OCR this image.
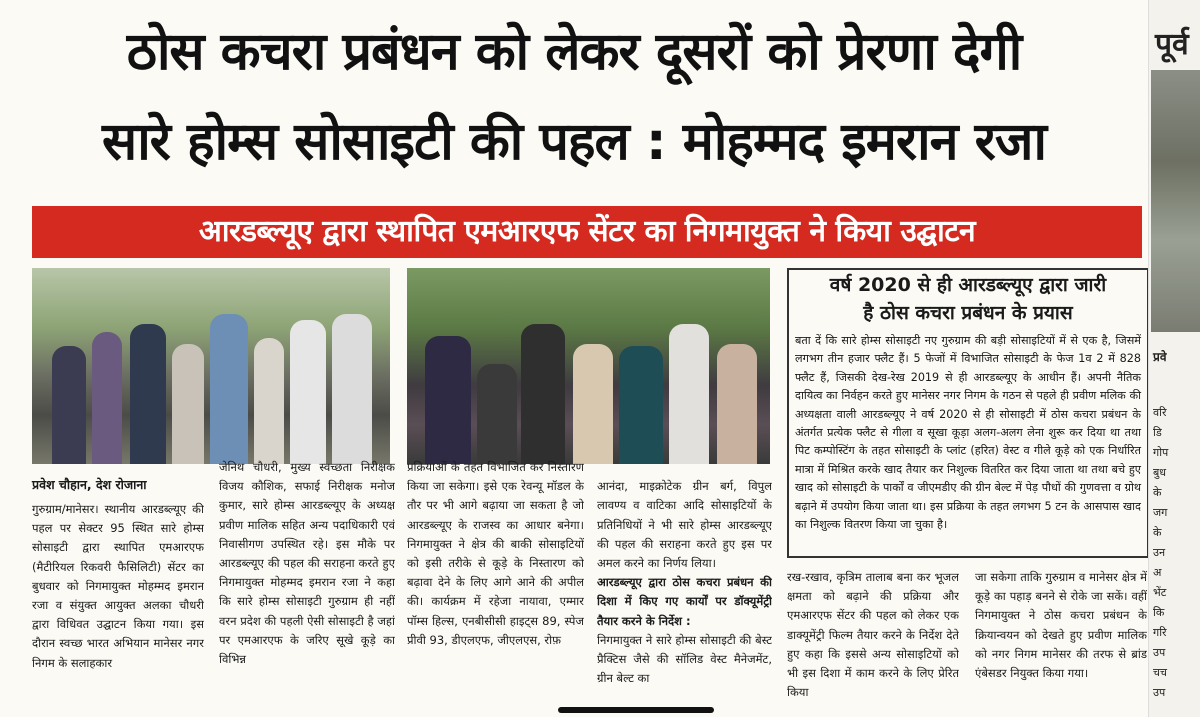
ठोस कचरा प्रबंधन को लेकर दूसरों को प्रेरणा देगी
सारे होम्स सोसाइटी की पहल : मोहम्मद इमरान रजा
आरडब्ल्यूए द्वारा स्थापित एमआरएफ सेंटर का निगमायुक्त ने किया उद्घाटन
वर्ष 2020 से ही आरडब्ल्यूए द्वारा जारी
है ठोस कचरा प्रबंधन के प्रयास
बता दें कि सारे होम्स सोसाइटी नए गुरुग्राम की बड़ी सोसाइटियों में से एक है, जिसमें लगभग तीन हजार फ्लैट हैं। 5 फेजों में विभाजित सोसाइटी के फेज 1व 2 में 828 फ्लैट हैं, जिसकी देख-रेख 2019 से ही आरडब्ल्यूए के आधीन हैं। अपनी नैतिक दायित्व का निर्वहन करते हुए मानेसर नगर निगम के गठन से पहले ही प्रवीण मलिक की अध्यक्षता वाली आरडब्ल्यूए ने वर्ष 2020 से ही सोसाइटी में ठोस कचरा प्रबंधन के अंतर्गत प्रत्येक फ्लैट से गीला व सूखा कूड़ा अलग-अलग लेना शुरू कर दिया था तथा पिट कम्पोस्टिंग के तहत सोसाइटी के प्लांट (हरित) वेस्ट व गीले कूड़े को एक निर्धारित मात्रा में मिश्रित करके खाद तैयार कर निशुल्क वितरित कर दिया जाता था तथा बचे हुए खाद को सोसाइटी के पार्कों व जीएमडीए की ग्रीन बेल्ट में पेड़ पौधों की गुणवत्ता व ग्रोथ बढ़ाने में उपयोग किया जाता था। इस प्रक्रिया के तहत लगभग 5 टन के आसपास खाद का निशुल्क वितरण किया जा चुका है।
प्रवेश चौहान, देश रोजाना
गुरुग्राम/मानेसर। स्थानीय आरडब्ल्यूए की पहल पर सेक्टर 95 स्थित सारे होम्स सोसाइटी द्वारा स्थापित एमआरएफ (मैटीरियल रिकवरी फैसिलिटी) सेंटर का बुधवार को निगमायुक्त मोहम्मद इमरान रजा व संयुक्त आयुक्त अलका चौधरी द्वारा विधिवत उद्घाटन किया गया। इस दौरान स्वच्छ भारत अभियान मानेसर नगर निगम के सलाहकार
जेनिथ चौधरी, मुख्य स्वच्छता निरीक्षक विजय कौशिक, सफाई निरीक्षक मनोज कुमार, सारे होम्स आरडब्ल्यूए के अध्यक्ष प्रवीण मालिक सहित अन्य पदाधिकारी एवं निवासीगण उपस्थित रहे। इस मौके पर आरडब्ल्यूए की पहल की सराहना करते हुए निगमायुक्त मोहम्मद इमरान रजा ने कहा कि सारे होम्स सोसाइटी गुरुग्राम ही नहीं वरन प्रदेश की पहली ऐसी सोसाइटी है जहां पर एमआरएफ के जरिए सूखे कूड़े का विभिन्न
प्रक्रियाओं के तहत विभाजित कर निस्तारण किया जा सकेगा। इसे एक रेवन्यू मॉडल के तौर पर भी आगे बढ़ाया जा सकता है जो आरडब्ल्यूए के राजस्व का आधार बनेगा। निगमायुक्त ने क्षेत्र की बाकी सोसाइटियों को इसी तरीके से कूड़े के निस्तारण को बढ़ावा देने के लिए आगे आने की अपील की। कार्यक्रम में रहेजा नायावा, एम्मार पॉम्स हिल्स, एनबीसीसी हाइट्स 89, स्पेज प्रीवी 93, डीएलएफ, जीएलएस, रोफ़

आनंदा, माइक्रोटेक ग्रीन बर्ग, विपुल लावण्य व वाटिका आदि सोसाइटियों के प्रतिनिधियों ने भी सारे होम्स आरडब्ल्यूए की पहल की सराहना करते हुए इस पर अमल करने का निर्णय लिया।
आरडब्ल्यूए द्वारा ठोस कचरा प्रबंधन की दिशा में किए गए कार्यों पर डॉक्यूमेंट्री तैयार करने के निर्देश :
निगमायुक्त ने सारे होम्स सोसाइटी की बेस्ट प्रैक्टिस जैसे की सॉलिड वेस्ट मैनेजमेंट, ग्रीन बेल्ट का

रख-रखाव, कृत्रिम तालाब बना कर भूजल क्षमता को बढ़ाने की प्रक्रिया और एमआरएफ सेंटर की पहल को लेकर एक डाक्यूमेंट्री फिल्म तैयार करने के निर्देश देते हुए कहा कि इससे अन्य सोसाइटियों को भी इस दिशा में काम करने के लिए प्रेरित किया
जा सकेगा ताकि गुरुग्राम व मानेसर क्षेत्र में कूड़े का पहाड़ बनने से रोके जा सकें। वहीं निगमायुक्त ने ठोस कचरा प्रबंधन के क्रियान्वयन को देखते हुए प्रवीण मालिक को नगर निगम मानेसर की तरफ से ब्रांड एंबेसडर नियुक्त किया गया।
पूर्व
प्रवे
वरि
डि
गोप
बुध
के
जग
के
उन
अ
भेंट
कि
गरि
उप
चच
उप
